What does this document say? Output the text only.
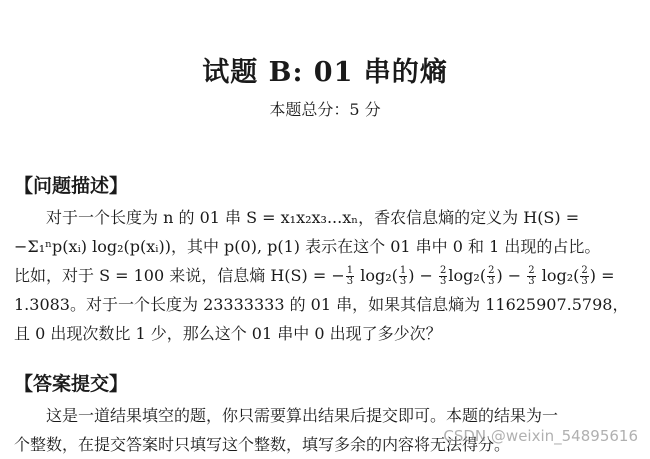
试题 B: 01 串的熵
本题总分：5 分
【问题描述】
对于一个长度为 n 的 01 串 S = x₁x₂x₃...xₙ，香农信息熵的定义为 H(S) =
−Σ₁ⁿp(xᵢ) log₂(p(xᵢ))，其中 p(0), p(1) 表示在这个 01 串中 0 和 1 出现的占比。
比如，对于 S = 100 来说，信息熵 H(S) = − $\frac{1}{3} \log_2( \frac{1}{3}$ ) − $\frac{2}{3} \log_2( \frac{2}{3}$ ) − $\frac{2}{3} \log_2( \frac{2}{3}$ ) =
1.3083。对于一个长度为 23333333 的 01 串，如果其信息熵为 11625907.5798，
且 0 出现次数比 1 少，那么这个 01 串中 0 出现了多少次？
【答案提交】
这是一道结果填空的题，你只需要算出结果后提交即可。本题的结果为一
个整数，在提交答案时只填写这个整数，填写多余的内容将无法得分。
CSDN @weixin_54895616
